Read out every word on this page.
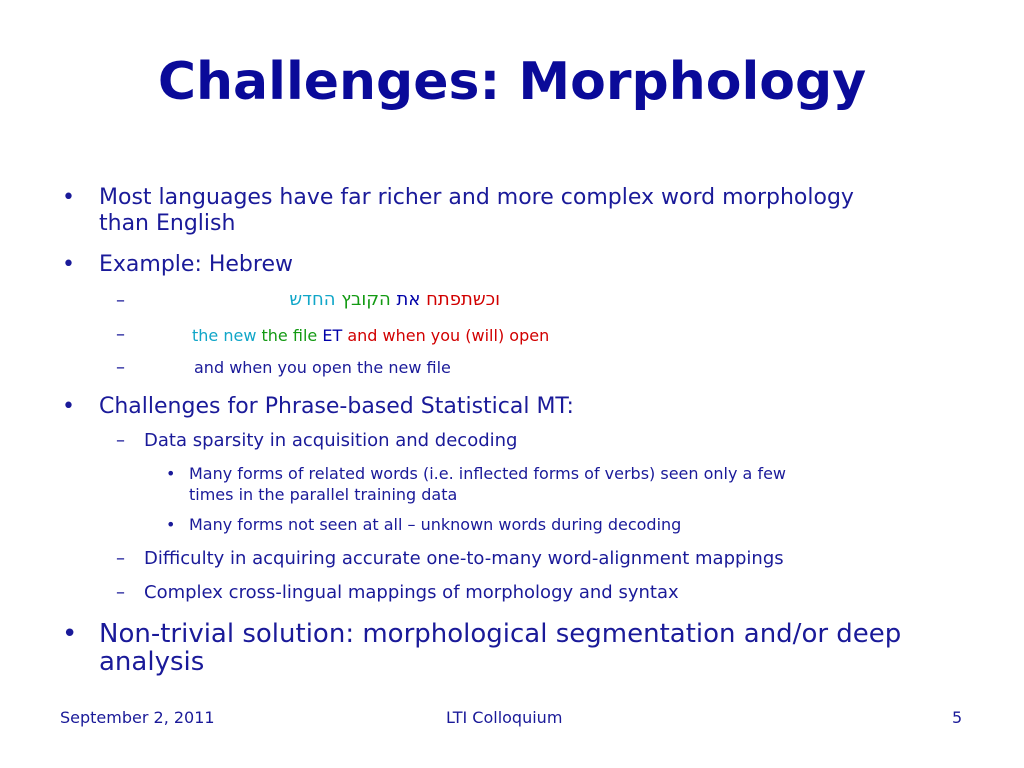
Challenges: Morphology
• Most languages have far richer and more complex word morphology
than English
• Example: Hebrew
–	וכשתפתח את הקובץ החדש
–	the new the file ET and when you (will) open
–	and when you open the new file
• Challenges for Phrase-based Statistical MT:
– Data sparsity in acquisition and decoding
• Many forms of related words (i.e. inflected forms of verbs) seen only a few
times in the parallel training data
• Many forms not seen at all – unknown words during decoding
– Difficulty in acquiring accurate one-to-many word-alignment mappings
– Complex cross-lingual mappings of morphology and syntax
• Non-trivial solution: morphological segmentation and/or deep
analysis
September 2, 2011	LTI Colloquium	5
